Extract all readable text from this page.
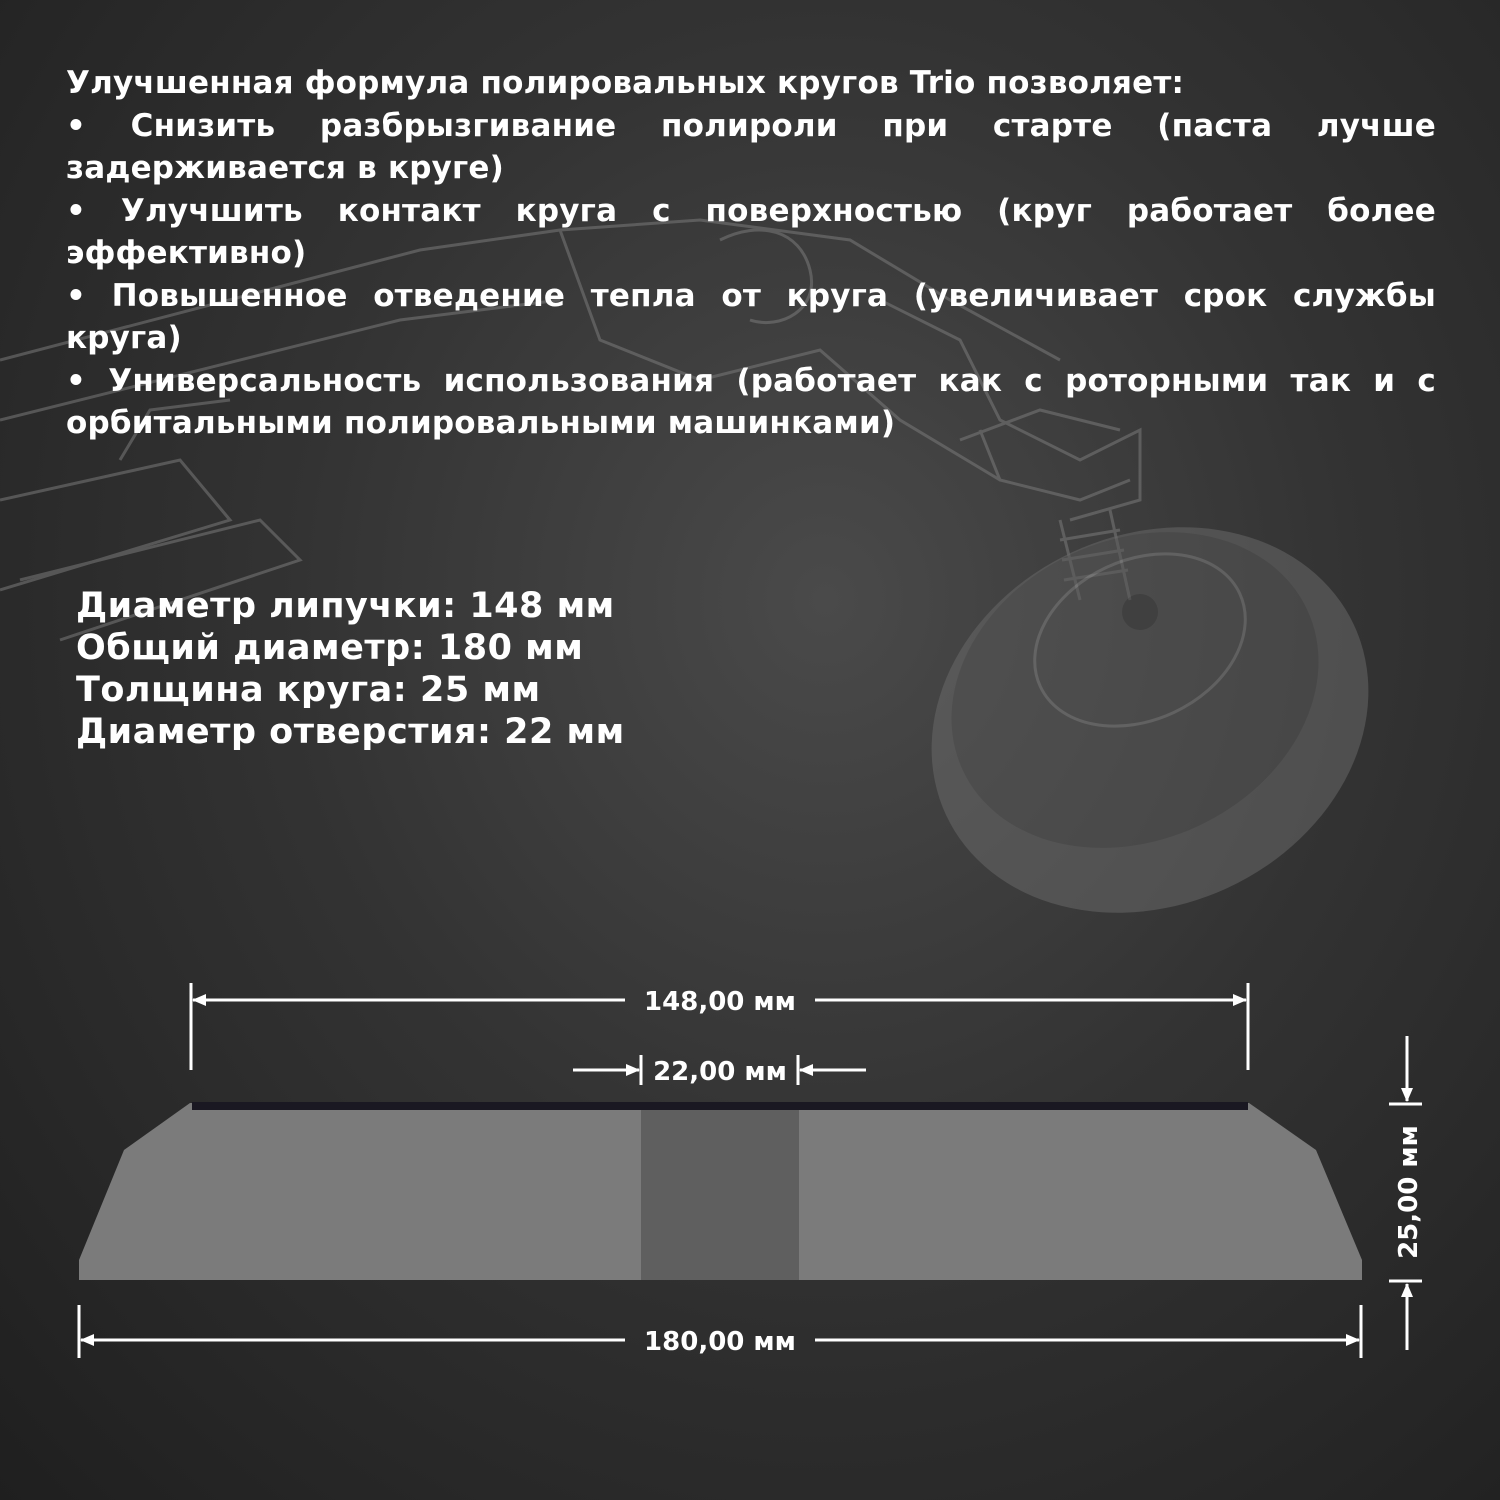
Улучшенная формула полировальных кругов Trio позволяет:
• Снизить разбрызгивание полироли при старте (паста лучше задерживается в круге)
• Улучшить контакт круга с поверхностью (круг работает более эффективно)
• Повышенное отведение тепла от круга (увеличивает срок службы круга)
• Универсальность использования (работает как с роторными так и с орбитальными полировальными машинками)
Диаметр липучки: 148 мм
Общий диаметр: 180 мм
Толщина круга: 25 мм
Диаметр отверстия: 22 мм
148,00 мм
22,00 мм
180,00 мм
25,00 мм
